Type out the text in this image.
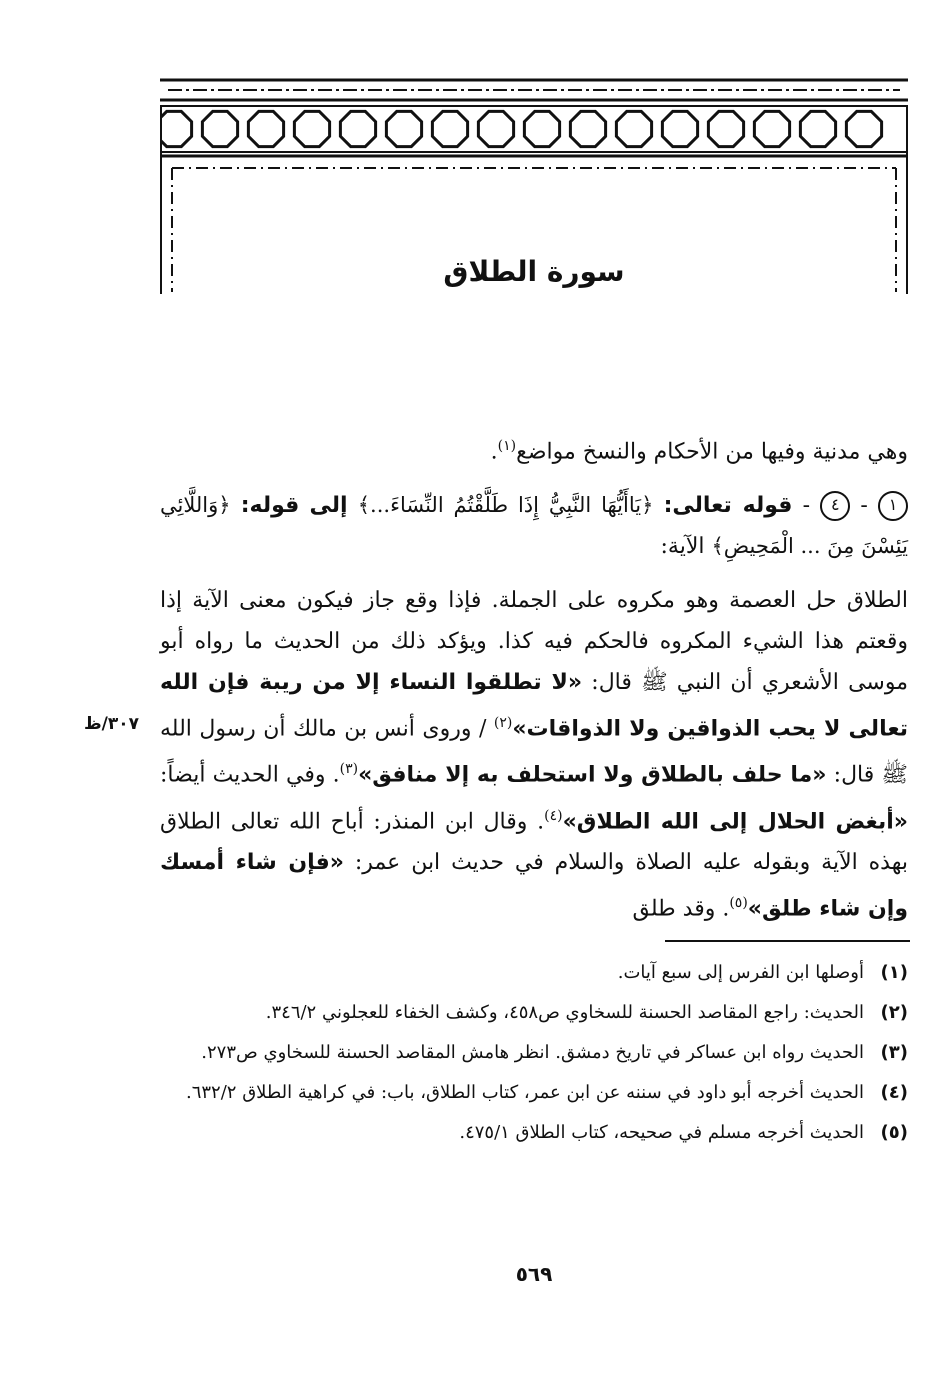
سورة الطلاق
وهي مدنية وفيها من الأحكام والنسخ مواضع$^{(١)}$.
١ - ٤ - قوله تعالى: ﴿يَاأَيُّهَا النَّبِيُّ إِذَا طَلَّقْتُمُ النِّسَاءَ...﴾ إلى قوله: ﴿وَاللَّائِي يَئِسْنَ مِنَ ... الْمَحِيضِ﴾ الآية:
الطلاق حل العصمة وهو مكروه على الجملة. فإذا وقع جاز فيكون معنى الآية إذا وقعتم هذا الشيء المكروه فالحكم فيه كذا. ويؤكد ذلك من الحديث ما رواه أبو موسى الأشعري أن النبي ﷺ قال: «لا تطلقوا النساء إلا من ريبة فإن الله تعالى لا يحب الذواقين ولا الذواقات»$^{(٢)}$ / وروى أنس بن مالك أن رسول الله ﷺ قال: «ما حلف بالطلاق ولا استحلف به إلا منافق»$^{(٣)}$. وفي الحديث أيضاً: «أبغض الحلال إلى الله الطلاق»$^{(٤)}$. وقال ابن المنذر: أباح الله تعالى الطلاق بهذه الآية وبقوله عليه الصلاة والسلام في حديث ابن عمر: «فإن شاء أمسك وإن شاء طلق»$^{(٥)}$. وقد طلق
٣٠٧/ظ
(١)
أوصلها ابن الفرس إلى سبع آيات.
(٢)
الحديث: راجع المقاصد الحسنة للسخاوي ص٤٥٨، وكشف الخفاء للعجلوني ٣٤٦/٢.
(٣)
الحديث رواه ابن عساكر في تاريخ دمشق. انظر هامش المقاصد الحسنة للسخاوي ص٢٧٣.
(٤)
الحديث أخرجه أبو داود في سننه عن ابن عمر، كتاب الطلاق، باب: في كراهية الطلاق ٦٣٢/٢.
(٥)
الحديث أخرجه مسلم في صحيحه، كتاب الطلاق ٤٧٥/١.
٥٦٩
